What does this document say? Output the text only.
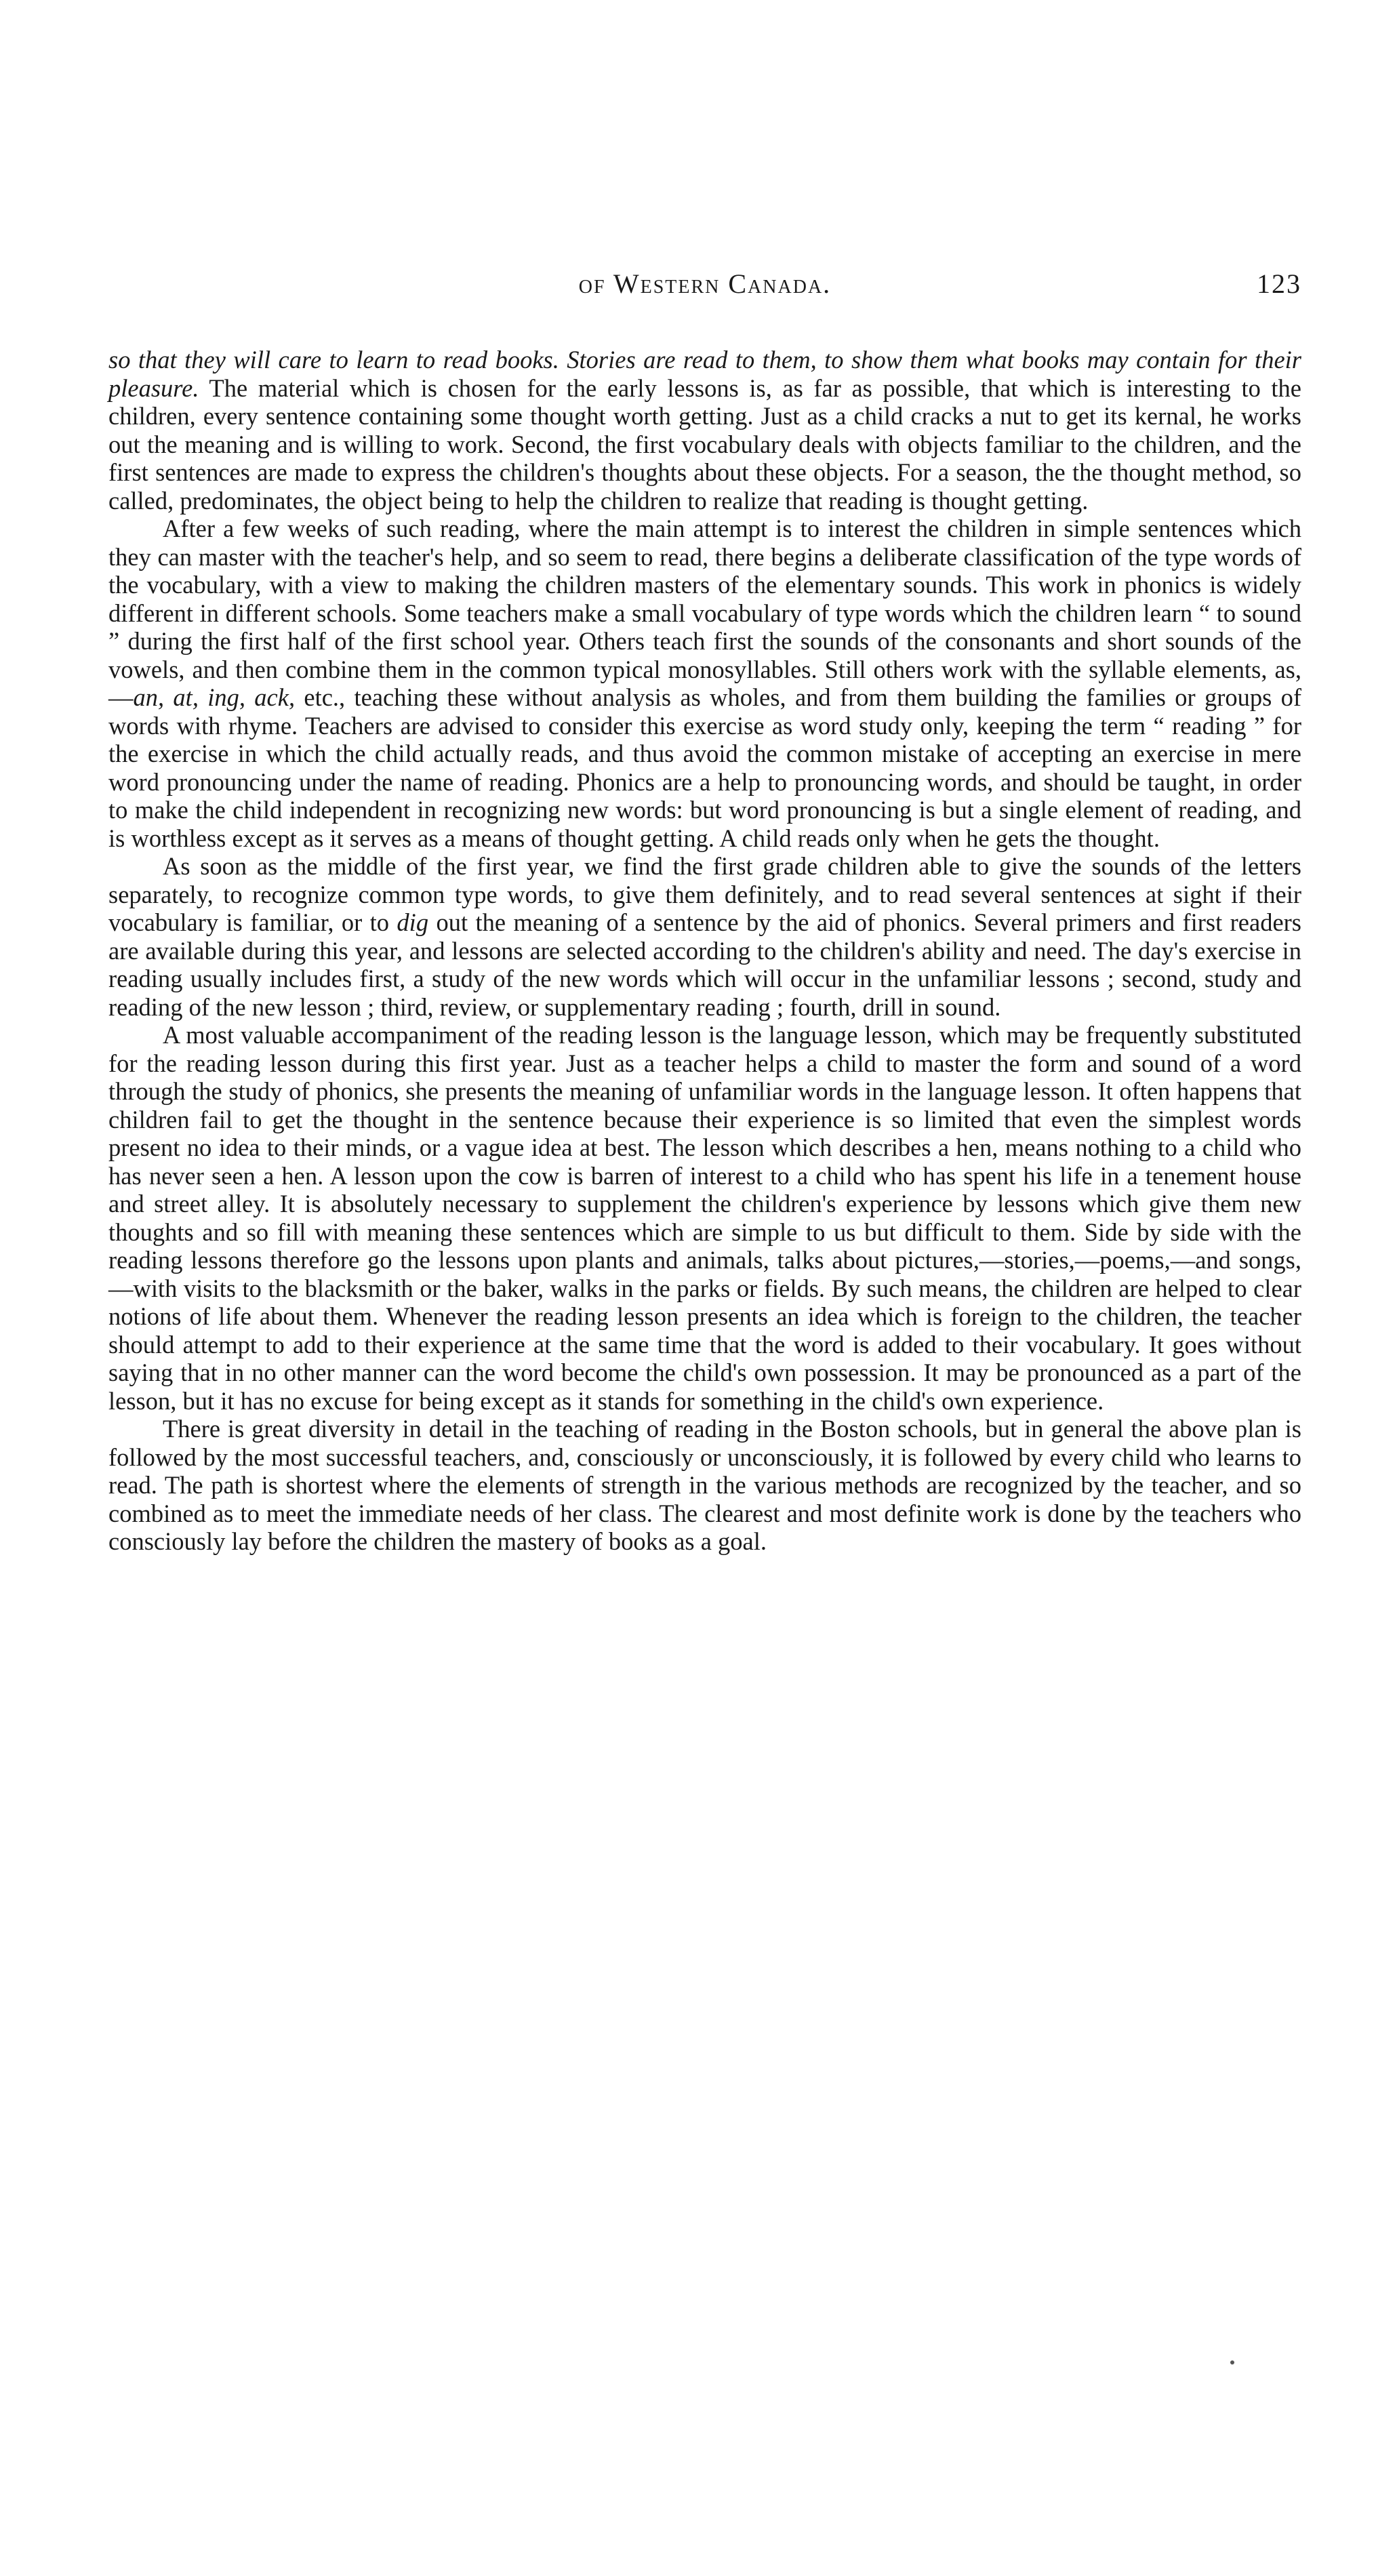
of Western Canada.	123

so that they will care to learn to read books. Stories are read to them, to show them what books may contain for their pleasure. The material which is chosen for the early lessons is, as far as possible, that which is interesting to the children, every sentence containing some thought worth getting. Just as a child cracks a nut to get its kernal, he works out the meaning and is willing to work. Second, the first vocabulary deals with objects familiar to the children, and the first sentences are made to express the children's thoughts about these objects. For a season, the the thought method, so called, predominates, the object being to help the children to realize that reading is thought getting.

After a few weeks of such reading, where the main attempt is to interest the children in simple sentences which they can master with the teacher's help, and so seem to read, there begins a deliberate classification of the type words of the vocabulary, with a view to making the children masters of the elementary sounds. This work in phonics is widely different in different schools. Some teachers make a small vocabulary of type words which the children learn “ to sound ” during the first half of the first school year. Others teach first the sounds of the consonants and short sounds of the vowels, and then combine them in the common typical monosyllables. Still others work with the syllable elements, as,—an, at, ing, ack, etc., teaching these without analysis as wholes, and from them building the families or groups of words with rhyme. Teachers are advised to consider this exercise as word study only, keeping the term “ reading ” for the exercise in which the child actually reads, and thus avoid the common mistake of accepting an exercise in mere word pronouncing under the name of reading. Phonics are a help to pronouncing words, and should be taught, in order to make the child independent in recognizing new words: but word pronouncing is but a single element of reading, and is worthless except as it serves as a means of thought getting. A child reads only when he gets the thought.

As soon as the middle of the first year, we find the first grade children able to give the sounds of the letters separately, to recognize common type words, to give them definitely, and to read several sentences at sight if their vocabulary is familiar, or to dig out the meaning of a sentence by the aid of phonics. Several primers and first readers are available during this year, and lessons are selected according to the children's ability and need. The day's exercise in reading usually includes first, a study of the new words which will occur in the unfamiliar lessons ; second, study and reading of the new lesson ; third, review, or supplementary reading ; fourth, drill in sound.

A most valuable accompaniment of the reading lesson is the language lesson, which may be frequently substituted for the reading lesson during this first year. Just as a teacher helps a child to master the form and sound of a word through the study of phonics, she presents the meaning of unfamiliar words in the language lesson. It often happens that children fail to get the thought in the sentence because their experience is so limited that even the simplest words present no idea to their minds, or a vague idea at best. The lesson which describes a hen, means nothing to a child who has never seen a hen. A lesson upon the cow is barren of interest to a child who has spent his life in a tenement house and street alley. It is absolutely necessary to supplement the children's experience by lessons which give them new thoughts and so fill with meaning these sentences which are simple to us but difficult to them. Side by side with the reading lessons therefore go the lessons upon plants and animals, talks about pictures,—stories,—poems,—and songs,—with visits to the blacksmith or the baker, walks in the parks or fields. By such means, the children are helped to clear notions of life about them. Whenever the reading lesson presents an idea which is foreign to the children, the teacher should attempt to add to their experience at the same time that the word is added to their vocabulary. It goes without saying that in no other manner can the word become the child's own possession. It may be pronounced as a part of the lesson, but it has no excuse for being except as it stands for something in the child's own experience.

There is great diversity in detail in the teaching of reading in the Boston schools, but in general the above plan is followed by the most successful teachers, and, consciously or unconsciously, it is followed by every child who learns to read. The path is shortest where the elements of strength in the various methods are recognized by the teacher, and so combined as to meet the immediate needs of her class. The clearest and most definite work is done by the teachers who consciously lay before the children the mastery of books as a goal.
